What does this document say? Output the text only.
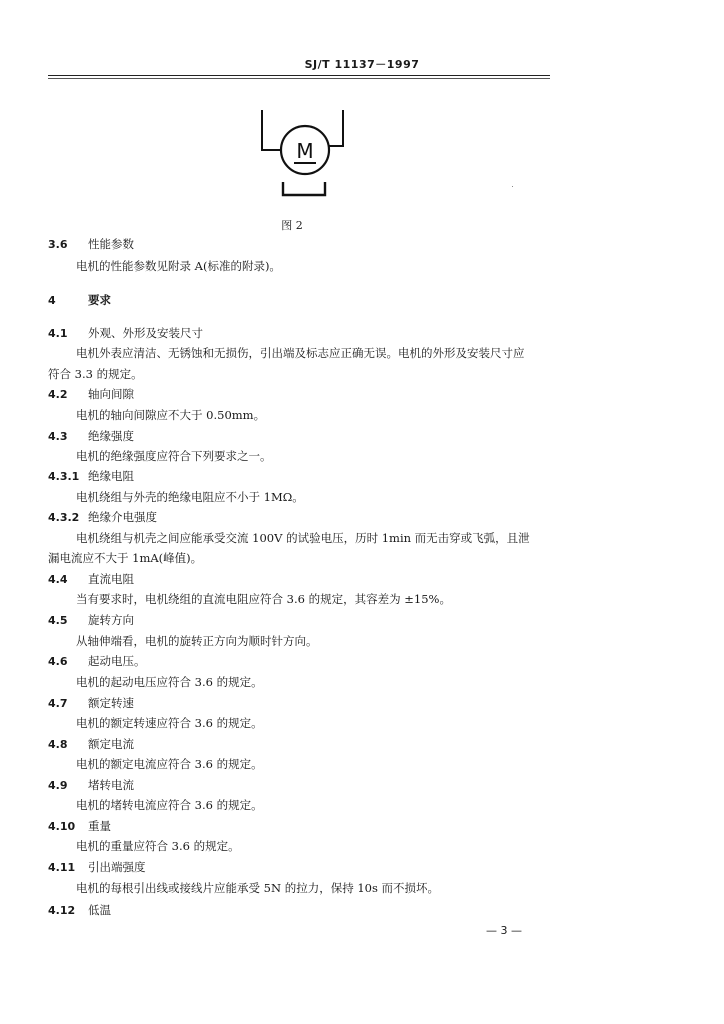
SJ/T 11137－1997
M
图 2
3.6 性能参数
电机的性能参数见附录 A(标准的附录)。
4	要求
4.1 外观、外形及安装尺寸
电机外表应清洁、无锈蚀和无损伤，引出端及标志应正确无误。电机的外形及安装尺寸应
符合 3.3 的规定。
4.2 轴向间隙
电机的轴向间隙应不大于 0.50mm。
4.3 绝缘强度
电机的绝缘强度应符合下列要求之一。
4.3.1 绝缘电阻
电机绕组与外壳的绝缘电阻应不小于 1MΩ。
4.3.2 绝缘介电强度
电机绕组与机壳之间应能承受交流 100V 的试验电压，历时 1min 而无击穿或飞弧，且泄
漏电流应不大于 1mA(峰值)。
4.4 直流电阻
当有要求时，电机绕组的直流电阻应符合 3.6 的规定，其容差为 ±15%。
4.5 旋转方向
从轴伸端看，电机的旋转正方向为顺时针方向。
4.6 起动电压。
电机的起动电压应符合 3.6 的规定。
4.7 额定转速
电机的额定转速应符合 3.6 的规定。
4.8 额定电流
电机的额定电流应符合 3.6 的规定。
4.9 堵转电流
电机的堵转电流应符合 3.6 的规定。
4.10 重量
电机的重量应符合 3.6 的规定。
4.11 引出端强度
电机的每根引出线或接线片应能承受 5N 的拉力，保持 10s 而不损坏。
4.12 低温
— 3 —
